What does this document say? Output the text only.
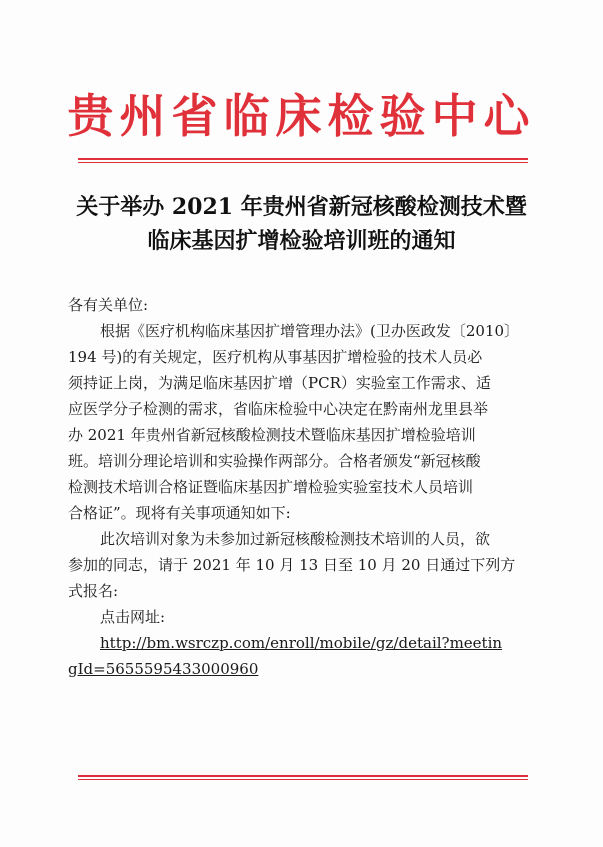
贵州省临床检验中心
关于举办 2021 年贵州省新冠核酸检测技术暨
临床基因扩增检验培训班的通知
各有关单位:
根据《医疗机构临床基因扩增管理办法》(卫办医政发〔2010〕
194 号)的有关规定，医疗机构从事基因扩增检验的技术人员必
须持证上岗，为满足临床基因扩增（PCR）实验室工作需求、适
应医学分子检测的需求，省临床检验中心决定在黔南州龙里县举
办 2021 年贵州省新冠核酸检测技术暨临床基因扩增检验培训
班。培训分理论培训和实验操作两部分。合格者颁发“新冠核酸
检测技术培训合格证暨临床基因扩增检验实验室技术人员培训
合格证”。现将有关事项通知如下:
此次培训对象为未参加过新冠核酸检测技术培训的人员，欲
参加的同志，请于 2021 年 10 月 13 日至 10 月 20 日通过下列方
式报名:
点击网址:
http://bm.wsrczp.com/enroll/mobile/gz/detail?meetin
gId=5655595433000960
